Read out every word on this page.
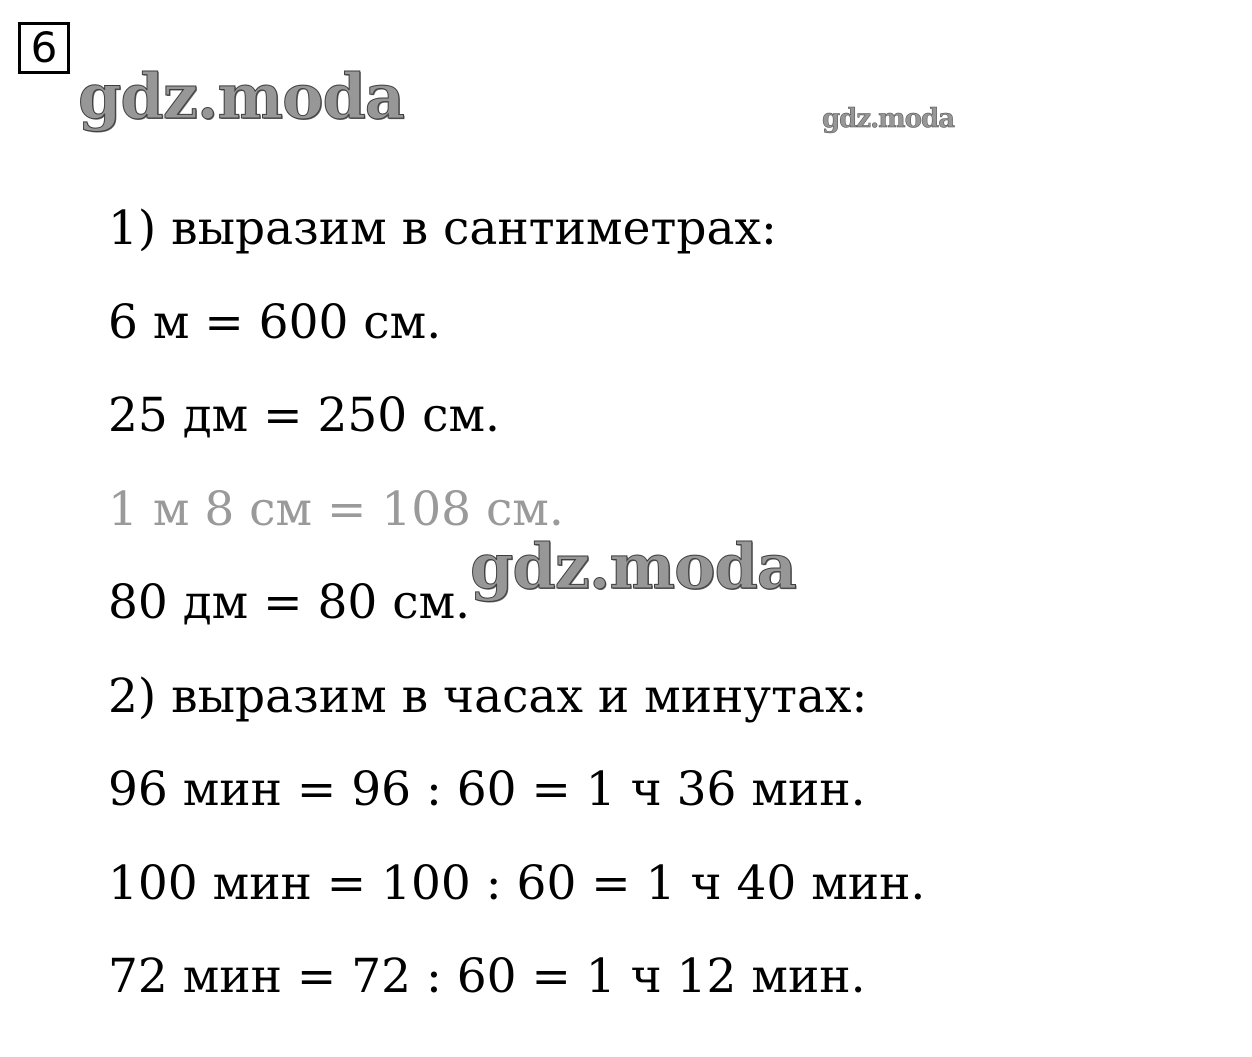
6
1) выразим в сантиметрах:
6 м = 600 см.
25 дм = 250 см.
1 м 8 см = 108 см.
80 дм = 80 см.
2) выразим в часах и минутах:
96 мин = 96 : 60 = 1 ч 36 мин.
100 мин = 100 : 60 = 1 ч 40 мин.
72 мин = 72 : 60 = 1 ч 12 мин.
gdz.moda	gdz.moda
gdz.moda
